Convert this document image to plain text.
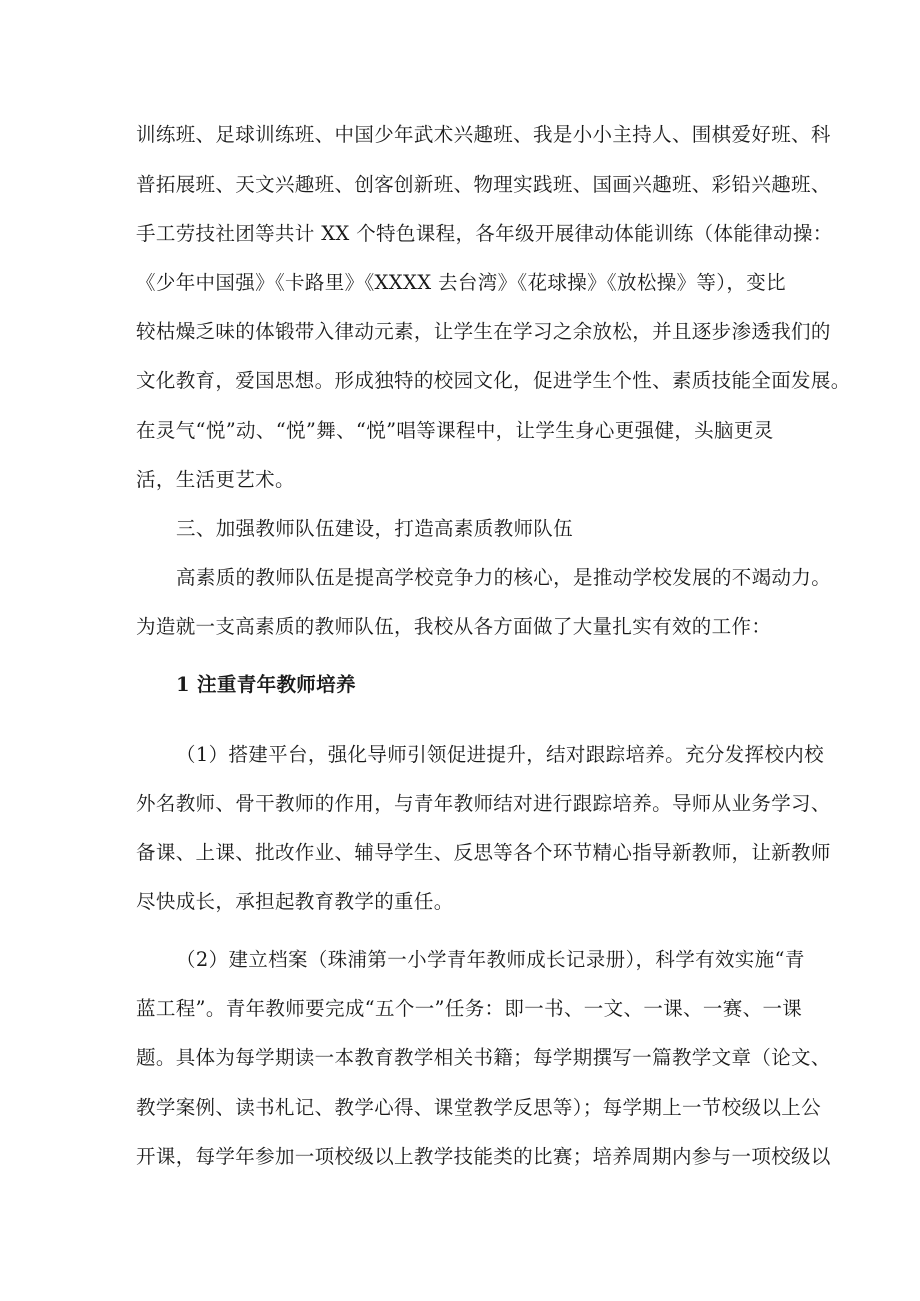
训练班、足球训练班、中国少年武术兴趣班、我是小小主持人、围棋爱好班、科
普拓展班、天文兴趣班、创客创新班、物理实践班、国画兴趣班、彩铅兴趣班、
手工劳技社团等共计 XX 个特色课程，各年级开展律动体能训练（体能律动操：
《少年中国强》《卡路里》《XXXX 去台湾》《花球操》《放松操》等），变比
较枯燥乏味的体锻带入律动元素，让学生在学习之余放松，并且逐步渗透我们的
文化教育，爱国思想。形成独特的校园文化，促进学生个性、素质技能全面发展。
在灵气“悦”动、“悦”舞、“悦”唱等课程中，让学生身心更强健，头脑更灵
活，生活更艺术。
三、加强教师队伍建设，打造高素质教师队伍
高素质的教师队伍是提高学校竞争力的核心，是推动学校发展的不竭动力。
为造就一支高素质的教师队伍，我校从各方面做了大量扎实有效的工作：
1 注重青年教师培养
（1）搭建平台，强化导师引领促进提升，结对跟踪培养。充分发挥校内校
外名教师、骨干教师的作用，与青年教师结对进行跟踪培养。导师从业务学习、
备课、上课、批改作业、辅导学生、反思等各个环节精心指导新教师，让新教师
尽快成长，承担起教育教学的重任。
（2）建立档案（珠浦第一小学青年教师成长记录册），科学有效实施“青
蓝工程”。青年教师要完成“五个一”任务：即一书、一文、一课、一赛、一课
题。具体为每学期读一本教育教学相关书籍；每学期撰写一篇教学文章（论文、
教学案例、读书札记、教学心得、课堂教学反思等）；每学期上一节校级以上公
开课，每学年参加一项校级以上教学技能类的比赛；培养周期内参与一项校级以
